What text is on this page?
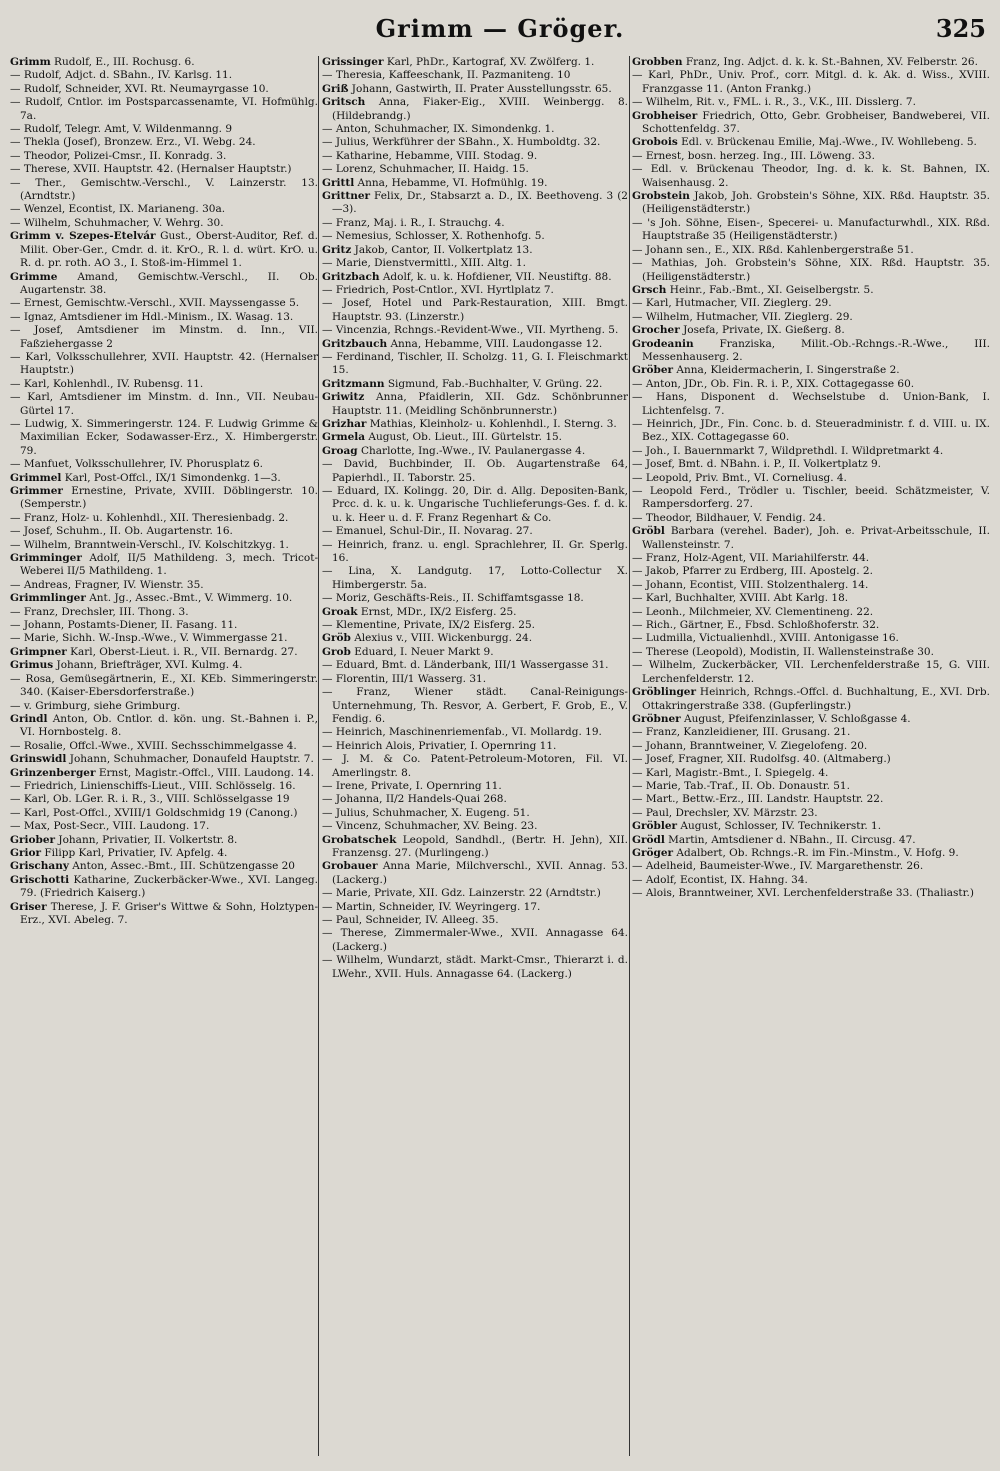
Grimm — Gröger.	325
Grimm Rudolf, E., III. Rochusg. 6.
— Rudolf, Adjct. d. SBahn., IV. Karlsg. 11.
— Rudolf, Schneider, XVI. Rt. Neumayrgasse 10.
— Rudolf, Cntlor. im Postsparcassenamte, VI. Hofmühlg. 7a.
— Rudolf, Telegr. Amt, V. Wildenmanng. 9
— Thekla (Josef), Bronzew. Erz., VI. Webg. 24.
— Theodor, Polizei-Cmsr., II. Konradg. 3.
— Therese, XVII. Hauptstr. 42. (Hernalser Hauptstr.)
— Ther., Gemischtw.-Verschl., V. Lainzerstr. 13. (Arndtstr.)
— Wenzel, Econtist, IX. Marianeng. 30a.
— Wilhelm, Schuhmacher, V. Wehrg. 30.
Grimm v. Szepes-Etelvár Gust., Oberst-Auditor, Ref. d. Milit. Ober-Ger., Cmdr. d. it. KrO., R. l. d. würt. KrO. u. R. d. pr. roth. AO 3., I. Stoß-im-Himmel 1.
Grimme Amand, Gemischtw.-Verschl., II. Ob. Augartenstr. 38.
— Ernest, Gemischtw.-Verschl., XVII. Mayssengasse 5.
— Ignaz, Amtsdiener im Hdl.-Minism., IX. Wasag. 13.
— Josef, Amtsdiener im Minstm. d. Inn., VII. Faßziehergasse 2
— Karl, Volksschullehrer, XVII. Hauptstr. 42. (Hernalser Hauptstr.)
— Karl, Kohlenhdl., IV. Rubensg. 11.
— Karl, Amtsdiener im Minstm. d. Inn., VII. Neubau-Gürtel 17.
— Ludwig, X. Simmeringerstr. 124. F. Ludwig Grimme & Maximilian Ecker, Sodawasser-Erz., X. Himbergerstr. 79.
— Manfuet, Volksschullehrer, IV. Phorusplatz 6.
Grimmel Karl, Post-Offcl., IX/1 Simondenkg. 1—3.
Grimmer Ernestine, Private, XVIII. Döblingerstr. 10. (Semperstr.)
— Franz, Holz- u. Kohlenhdl., XII. Theresienbadg. 2.
— Josef, Schuhm., II. Ob. Augartenstr. 16.
— Wilhelm, Branntwein-Verschl., IV. Kolschitzkyg. 1.
Grimminger Adolf, II/5 Mathildeng. 3, mech. Tricot-Weberei II/5 Mathildeng. 1.
— Andreas, Fragner, IV. Wienstr. 35.
Grimmlinger Ant. Jg., Assec.-Bmt., V. Wimmerg. 10.
— Franz, Drechsler, III. Thong. 3.
— Johann, Postamts-Diener, II. Fasang. 11.
— Marie, Sichh. W.-Insp.-Wwe., V. Wimmergasse 21.
Grimpner Karl, Oberst-Lieut. i. R., VII. Bernardg. 27.
Grimus Johann, Briefträger, XVI. Kulmg. 4.
— Rosa, Gemüsegärtnerin, E., XI. KEb. Simmeringerstr. 340. (Kaiser-Ebersdorferstraße.)
— v. Grimburg, siehe Grimburg.
Grindl Anton, Ob. Cntlor. d. kön. ung. St.-Bahnen i. P., VI. Hornbostelg. 8.
— Rosalie, Offcl.-Wwe., XVIII. Sechsschimmelgasse 4.
Grinswidl Johann, Schuhmacher, Donaufeld Hauptstr. 7.
Grinzenberger Ernst, Magistr.-Offcl., VIII. Laudong. 14.
— Friedrich, Linienschiffs-Lieut., VIII. Schlösselg. 16.
— Karl, Ob. LGer. R. i. R., 3., VIII. Schlösselgasse 19
— Karl, Post-Offcl., XVIII/1 Goldschmidg 19 (Canong.)
— Max, Post-Secr., VIII. Laudong. 17.
Griober Johann, Privatier, II. Volkertstr. 8.
Grior Filipp Karl, Privatier, IV. Apfelg. 4.
Grischany Anton, Assec.-Bmt., III. Schützengasse 20
Grischotti Katharine, Zuckerbäcker-Wwe., XVI. Langeg. 79. (Friedrich Kaiserg.)
Griser Therese, J. F. Griser's Wittwe & Sohn, Holztypen-Erz., XVI. Abeleg. 7.
Grissinger Karl, PhDr., Kartograf, XV. Zwölferg. 1.
— Theresia, Kaffeeschank, II. Pazmaniteng. 10
Griß Johann, Gastwirth, II. Prater Ausstellungsstr. 65.
Gritsch Anna, Fiaker-Eig., XVIII. Weinbergg. 8. (Hildebrandg.)
— Anton, Schuhmacher, IX. Simondenkg. 1.
— Julius, Werkführer der SBahn., X. Humboldtg. 32.
— Katharine, Hebamme, VIII. Stodag. 9.
— Lorenz, Schuhmacher, II. Haidg. 15.
Grittl Anna, Hebamme, VI. Hofmühlg. 19.
Grittner Felix, Dr., Stabsarzt a. D., IX. Beethoveng. 3 (2—3).
— Franz, Maj. i. R., I. Strauchg. 4.
— Nemesius, Schlosser, X. Rothenhofg. 5.
Gritz Jakob, Cantor, II. Volkertplatz 13.
— Marie, Dienstvermittl., XIII. Altg. 1.
Gritzbach Adolf, k. u. k. Hofdiener, VII. Neustiftg. 88.
— Friedrich, Post-Cntlor., XVI. Hyrtlplatz 7.
— Josef, Hotel und Park-Restauration, XIII. Bmgt. Hauptstr. 93. (Linzerstr.)
— Vincenzia, Rchngs.-Revident-Wwe., VII. Myrtheng. 5.
Gritzbauch Anna, Hebamme, VIII. Laudongasse 12.
— Ferdinand, Tischler, II. Scholzg. 11, G. I. Fleischmarkt 15.
Gritzmann Sigmund, Fab.-Buchhalter, V. Grüng. 22.
Griwitz Anna, Pfaidlerin, XII. Gdz. Schönbrunner Hauptstr. 11. (Meidling Schönbrunnerstr.)
Grizhar Mathias, Kleinholz- u. Kohlenhdl., I. Sterng. 3.
Grmela August, Ob. Lieut., III. Gürtelstr. 15.
Groag Charlotte, Ing.-Wwe., IV. Paulanergasse 4.
— David, Buchbinder, II. Ob. Augartenstraße 64, Papierhdl., II. Taborstr. 25.
— Eduard, IX. Kolingg. 20, Dir. d. Allg. Depositen-Bank, Prcc. d. k. u. k. Ungarische Tuchlieferungs-Ges. f. d. k. u. k. Heer u. d. F. Franz Regenhart & Co.
— Emanuel, Schul-Dir., II. Novarag. 27.
— Heinrich, franz. u. engl. Sprachlehrer, II. Gr. Sperlg. 16.
— Lina, X. Landgutg. 17, Lotto-Collectur X. Himbergerstr. 5a.
— Moriz, Geschäfts-Reis., II. Schiffamtsgasse 18.
Groak Ernst, MDr., IX/2 Eisferg. 25.
— Klementine, Private, IX/2 Eisferg. 25.
Gröb Alexius v., VIII. Wickenburgg. 24.
Grob Eduard, I. Neuer Markt 9.
— Eduard, Bmt. d. Länderbank, III/1 Wassergasse 31.
— Florentin, III/1 Wasserg. 31.
— Franz, Wiener städt. Canal-Reinigungs-Unternehmung, Th. Resvor, A. Gerbert, F. Grob, E., V. Fendig. 6.
— Heinrich, Maschinenriemenfab., VI. Mollardg. 19.
— Heinrich Alois, Privatier, I. Opernring 11.
— J. M. & Co. Patent-Petroleum-Motoren, Fil. VI. Amerlingstr. 8.
— Irene, Private, I. Opernring 11.
— Johanna, II/2 Handels-Quai 268.
— Julius, Schuhmacher, X. Eugeng. 51.
— Vincenz, Schuhmacher, XV. Being. 23.
Grobatschek Leopold, Sandhdl., (Bertr. H. Jehn), XII. Franzensg. 27. (Murlingeng.)
Grobauer Anna Marie, Milchverschl., XVII. Annag. 53. (Lackerg.)
— Marie, Private, XII. Gdz. Lainzerstr. 22 (Arndtstr.)
— Martin, Schneider, IV. Weyringerg. 17.
— Paul, Schneider, IV. Alleeg. 35.
— Therese, Zimmermaler-Wwe., XVII. Annagasse 64. (Lackerg.)
— Wilhelm, Wundarzt, städt. Markt-Cmsr., Thierarzt i. d. LWehr., XVII. Huls. Annagasse 64. (Lackerg.)
Grobben Franz, Ing. Adjct. d. k. k. St.-Bahnen, XV. Felberstr. 26.
— Karl, PhDr., Univ. Prof., corr. Mitgl. d. k. Ak. d. Wiss., XVIII. Franzgasse 11. (Anton Frankg.)
— Wilhelm, Rit. v., FML. i. R., 3., V.K., III. Disslerg. 7.
Grobheiser Friedrich, Otto, Gebr. Grobheiser, Bandweberei, VII. Schottenfeldg. 37.
Grobois Edl. v. Brückenau Emilie, Maj.-Wwe., IV. Wohllebeng. 5.
— Ernest, bosn. herzeg. Ing., III. Löweng. 33.
— Edl. v. Brückenau Theodor, Ing. d. k. k. St. Bahnen, IX. Waisenhausg. 2.
Grobstein Jakob, Joh. Grobstein's Söhne, XIX. Rßd. Hauptstr. 35. (Heiligenstädterstr.)
— 's Joh. Söhne, Eisen-, Specerei- u. Manufacturwhdl., XIX. Rßd. Hauptstraße 35 (Heiligenstädterstr.)
— Johann sen., E., XIX. Rßd. Kahlenbergerstraße 51.
— Mathias, Joh. Grobstein's Söhne, XIX. Rßd. Hauptstr. 35. (Heiligenstädterstr.)
Grsch Heinr., Fab.-Bmt., XI. Geiselbergstr. 5.
— Karl, Hutmacher, VII. Zieglerg. 29.
— Wilhelm, Hutmacher, VII. Zieglerg. 29.
Grocher Josefa, Private, IX. Gießerg. 8.
Grodeanin Franziska, Milit.-Ob.-Rchngs.-R.-Wwe., III. Messenhauserg. 2.
Gröber Anna, Kleidermacherin, I. Singerstraße 2.
— Anton, JDr., Ob. Fin. R. i. P., XIX. Cottagegasse 60.
— Hans, Disponent d. Wechselstube d. Union-Bank, I. Lichtenfelsg. 7.
— Heinrich, JDr., Fin. Conc. b. d. Steueradministr. f. d. VIII. u. IX. Bez., XIX. Cottagegasse 60.
— Joh., I. Bauernmarkt 7, Wildprethdl. I. Wildpretmarkt 4.
— Josef, Bmt. d. NBahn. i. P., II. Volkertplatz 9.
— Leopold, Priv. Bmt., VI. Corneliusg. 4.
— Leopold Ferd., Trödler u. Tischler, beeid. Schätzmeister, V. Rampersdorferg. 27.
— Theodor, Bildhauer, V. Fendig. 24.
Gröbl Barbara (verehel. Bader), Joh. e. Privat-Arbeitsschule, II. Wallensteinstr. 7.
— Franz, Holz-Agent, VII. Mariahilferstr. 44.
— Jakob, Pfarrer zu Erdberg, III. Apostelg. 2.
— Johann, Econtist, VIII. Stolzenthalerg. 14.
— Karl, Buchhalter, XVIII. Abt Karlg. 18.
— Leonh., Milchmeier, XV. Clementineng. 22.
— Rich., Gärtner, E., Fbsd. Schloßhoferstr. 32.
— Ludmilla, Victualienhdl., XVIII. Antonigasse 16.
— Therese (Leopold), Modistin, II. Wallensteinstraße 30.
— Wilhelm, Zuckerbäcker, VII. Lerchenfelderstraße 15, G. VIII. Lerchenfelderstr. 12.
Gröblinger Heinrich, Rchngs.-Offcl. d. Buchhaltung, E., XVI. Drb. Ottakringerstraße 338. (Gupferlingstr.)
Gröbner August, Pfeifenzinlasser, V. Schloßgasse 4.
— Franz, Kanzleidiener, III. Grusang. 21.
— Johann, Branntweiner, V. Ziegelofeng. 20.
— Josef, Fragner, XII. Rudolfsg. 40. (Altmaberg.)
— Karl, Magistr.-Bmt., I. Spiegelg. 4.
— Marie, Tab.-Traf., II. Ob. Donaustr. 51.
— Mart., Bettw.-Erz., III. Landstr. Hauptstr. 22.
— Paul, Drechsler, XV. Märzstr. 23.
Gröbler August, Schlosser, IV. Technikerstr. 1.
Grödl Martin, Amtsdiener d. NBahn., II. Circusg. 47.
Gröger Adalbert, Ob. Rchngs.-R. im Fin.-Minstm., V. Hofg. 9.
— Adelheid, Baumeister-Wwe., IV. Margarethenstr. 26.
— Adolf, Econtist, IX. Hahng. 34.
— Alois, Branntweiner, XVI. Lerchenfelderstraße 33. (Thaliastr.)
